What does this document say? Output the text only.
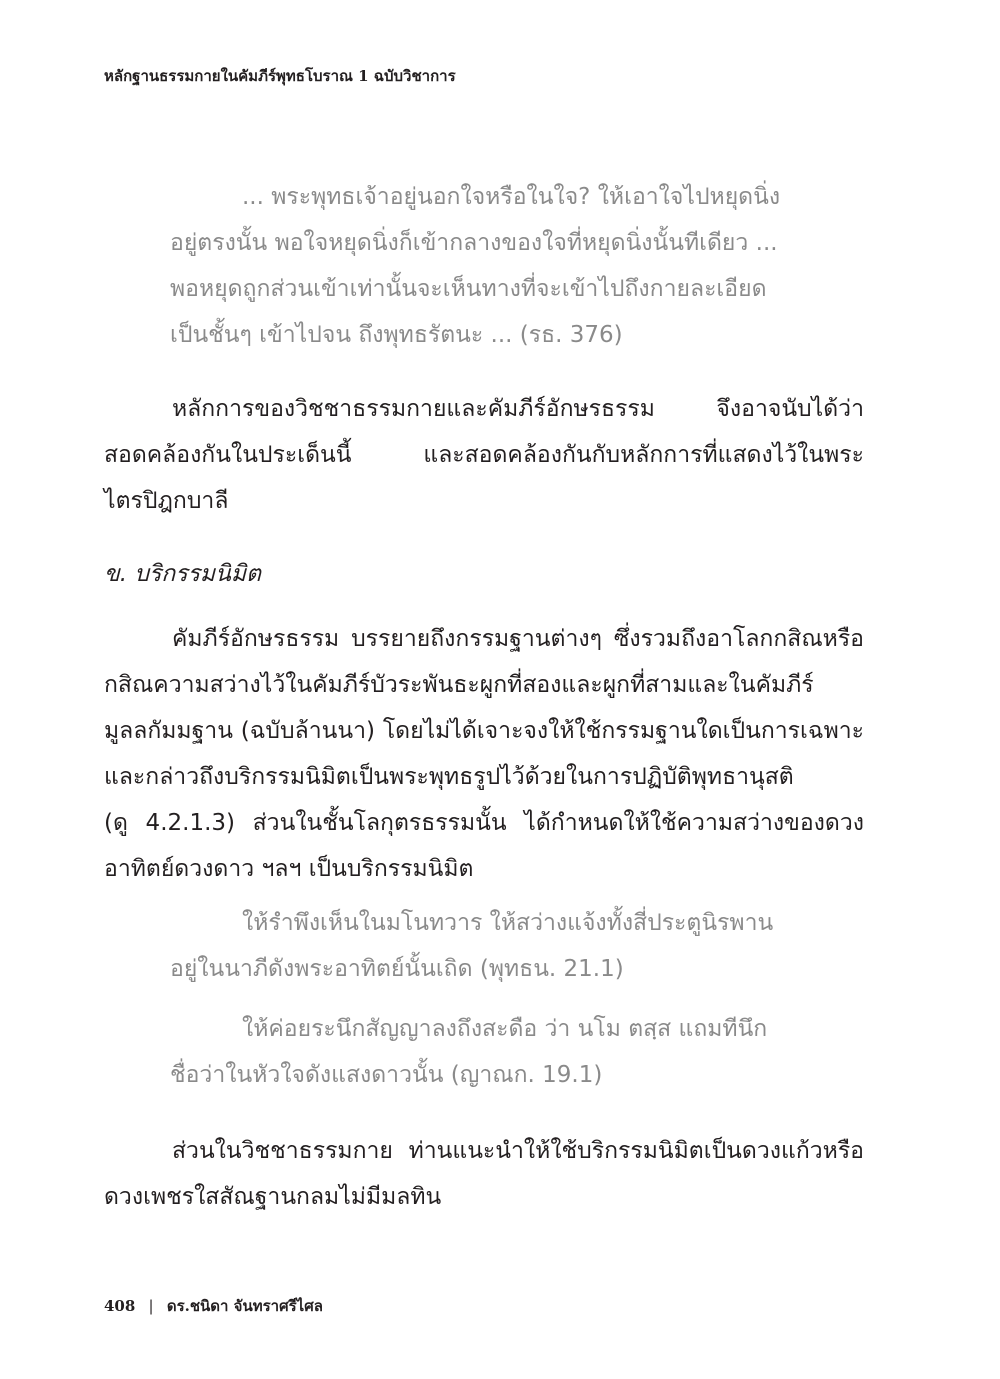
หลักฐานธรรมกายในคัมภีร์พุทธโบราณ 1 ฉบับวิชาการ
... พระพุทธเจ้าอยู่นอกใจหรือในใจ? ให้เอาใจไปหยุดนิ่ง
อยู่ตรงนั้น พอใจหยุดนิ่งก็เข้ากลางของใจที่หยุดนิ่งนั้นทีเดียว ...
พอหยุดถูกส่วนเข้าเท่านั้นจะเห็นทางที่จะเข้าไปถึงกายละเอียด
เป็นชั้นๆ เข้าไปจน ถึงพุทธรัตนะ ... (รธ. 376)
หลักการของวิชชาธรรมกายและคัมภีร์อักษรธรรม จึงอาจนับได้ว่า
สอดคล้องกันในประเด็นนี้ และสอดคล้องกันกับหลักการที่แสดงไว้ในพระ
ไตรปิฎกบาลี
ข. บริกรรมนิมิต
คัมภีร์อักษรธรรม บรรยายถึงกรรมฐานต่างๆ ซึ่งรวมถึงอาโลกกสิณหรือ
กสิณความสว่างไว้ในคัมภีร์บัวระพันธะผูกที่สองและผูกที่สามและในคัมภีร์
มูลลกัมมฐาน (ฉบับล้านนา) โดยไม่ได้เจาะจงให้ใช้กรรมฐานใดเป็นการเฉพาะ
และกล่าวถึงบริกรรมนิมิตเป็นพระพุทธรูปไว้ด้วยในการปฏิบัติพุทธานุสติ
(ดู 4.2.1.3) ส่วนในชั้นโลกุตรธรรมนั้น ได้กำหนดให้ใช้ความสว่างของดวง
อาทิตย์ดวงดาว ฯลฯ เป็นบริกรรมนิมิต
ให้รำพึงเห็นในมโนทวาร ให้สว่างแจ้งทั้งสี่ประตูนิรพาน
อยู่ในนาภีดังพระอาทิตย์นั้นเถิด (พุทธน. 21.1)
ให้ค่อยระนึกสัญญาลงถึงสะดือ ว่า นโม ตสฺส แถมทีนึก
ชื่อว่าในหัวใจดังแสงดาวนั้น (ญาณก. 19.1)
ส่วนในวิชชาธรรมกาย ท่านแนะนำให้ใช้บริกรรมนิมิตเป็นดวงแก้วหรือ
ดวงเพชรใสสัณฐานกลมไม่มีมลทิน
408 | ดร.ชนิดา จันทราศรีไศล
